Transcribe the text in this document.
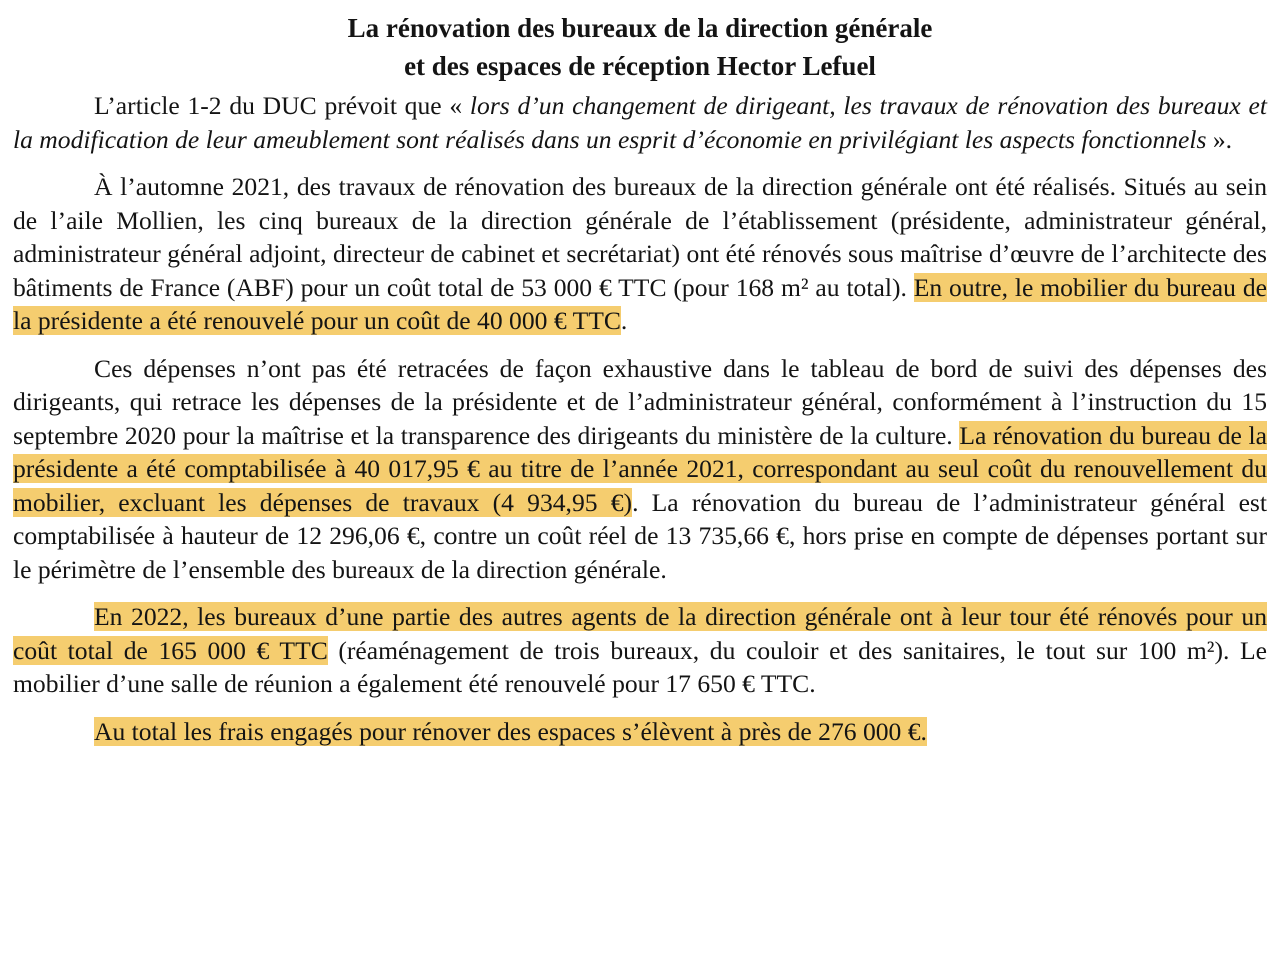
La rénovation des bureaux de la direction générale
et des espaces de réception Hector Lefuel

L’article 1-2 du DUC prévoit que « lors d’un changement de dirigeant, les travaux de rénovation des bureaux et la modification de leur ameublement sont réalisés dans un esprit d’économie en privilégiant les aspects fonctionnels ».

À l’automne 2021, des travaux de rénovation des bureaux de la direction générale ont été réalisés. Situés au sein de l’aile Mollien, les cinq bureaux de la direction générale de l’établissement (présidente, administrateur général, administrateur général adjoint, directeur de cabinet et secrétariat) ont été rénovés sous maîtrise d’œuvre de l’architecte des bâtiments de France (ABF) pour un coût total de 53 000 € TTC (pour 168 m² au total). En outre, le mobilier du bureau de la présidente a été renouvelé pour un coût de 40 000 € TTC.

Ces dépenses n’ont pas été retracées de façon exhaustive dans le tableau de bord de suivi des dépenses des dirigeants, qui retrace les dépenses de la présidente et de l’administrateur général, conformément à l’instruction du 15 septembre 2020 pour la maîtrise et la transparence des dirigeants du ministère de la culture. La rénovation du bureau de la présidente a été comptabilisée à 40 017,95 € au titre de l’année 2021, correspondant au seul coût du renouvellement du mobilier, excluant les dépenses de travaux (4 934,95 €). La rénovation du bureau de l’administrateur général est comptabilisée à hauteur de 12 296,06 €, contre un coût réel de 13 735,66 €, hors prise en compte de dépenses portant sur le périmètre de l’ensemble des bureaux de la direction générale.

En 2022, les bureaux d’une partie des autres agents de la direction générale ont à leur tour été rénovés pour un coût total de 165 000 € TTC (réaménagement de trois bureaux, du couloir et des sanitaires, le tout sur 100 m²). Le mobilier d’une salle de réunion a également été renouvelé pour 17 650 € TTC.

Au total les frais engagés pour rénover des espaces s’élèvent à près de 276 000 €.
